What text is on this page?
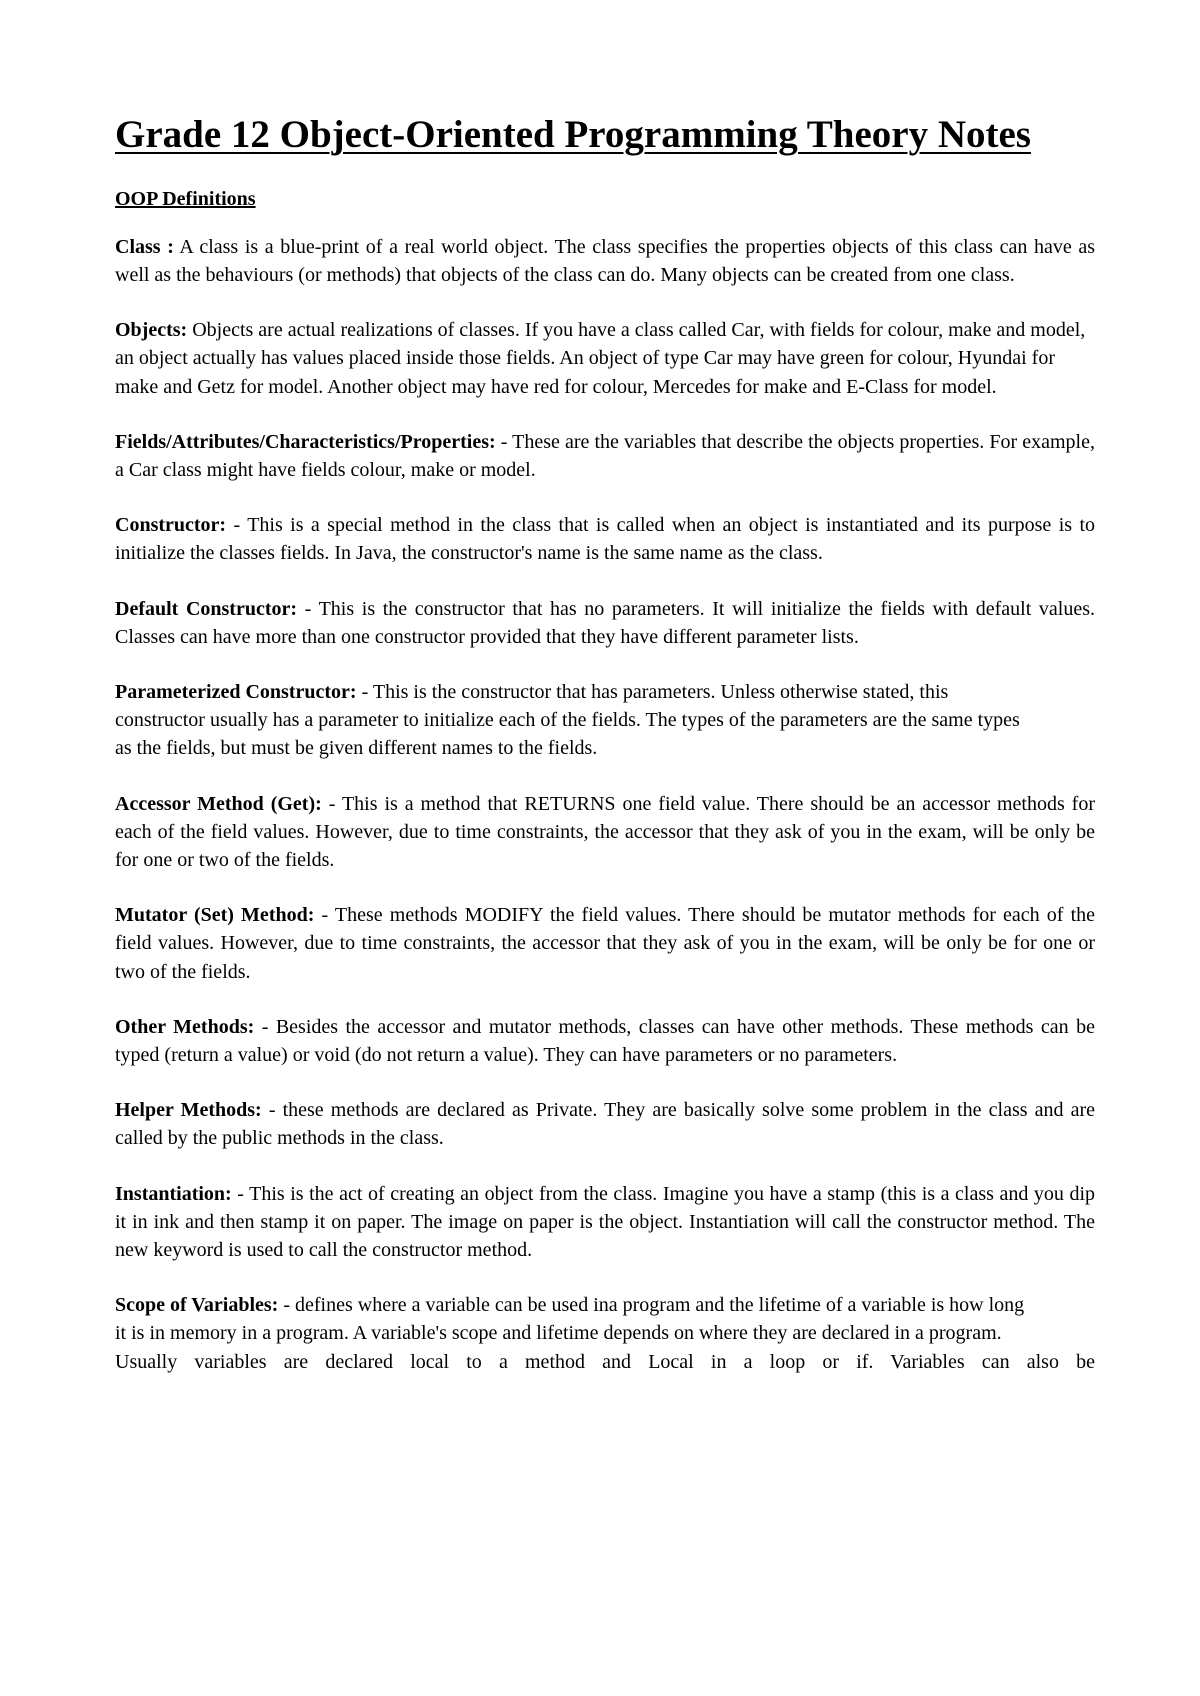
Grade 12 Object-Oriented Programming Theory Notes
OOP Definitions

Class : A class is a blue-print of a real world object. The class specifies the properties objects of this class can have as well as the behaviours (or methods) that objects of the class can do. Many objects can be created from one class.

Objects: Objects are actual realizations of classes. If you have a class called Car, with fields for colour, make and model, an object actually has values placed inside those fields. An object of type Car may have green for colour, Hyundai for make and Getz for model. Another object may have red for colour, Mercedes for make and E-Class for model.

Fields/Attributes/Characteristics/Properties: - These are the variables that describe the objects properties. For example, a Car class might have fields colour, make or model.

Constructor: - This is a special method in the class that is called when an object is instantiated and its purpose is to initialize the classes fields. In Java, the constructor's name is the same name as the class.

Default Constructor: - This is the constructor that has no parameters. It will initialize the fields with default values. Classes can have more than one constructor provided that they have different parameter lists.

Parameterized Constructor: - This is the constructor that has parameters. Unless otherwise stated, this constructor usually has a parameter to initialize each of the fields. The types of the parameters are the same types as the fields, but must be given different names to the fields.

Accessor Method (Get): - This is a method that RETURNS one field value. There should be an accessor methods for each of the field values. However, due to time constraints, the accessor that they ask of you in the exam, will be only be for one or two of the fields.

Mutator (Set) Method: - These methods MODIFY the field values. There should be mutator methods for each of the field values. However, due to time constraints, the accessor that they ask of you in the exam, will be only be for one or two of the fields.

Other Methods: - Besides the accessor and mutator methods, classes can have other methods. These methods can be typed (return a value) or void (do not return a value). They can have parameters or no parameters.

Helper Methods: - these methods are declared as Private. They are basically solve some problem in the class and are called by the public methods in the class.

Instantiation: - This is the act of creating an object from the class. Imagine you have a stamp (this is a class and you dip it in ink and then stamp it on paper. The image on paper is the object. Instantiation will call the constructor method. The new keyword is used to call the constructor method.

Scope of Variables: - defines where a variable can be used ina program and the lifetime of a variable is how long it is in memory in a program. A variable's scope and lifetime depends on where they are declared in a program.

Usually variables are declared local to a method and Local in a loop or if. Variables can also be
